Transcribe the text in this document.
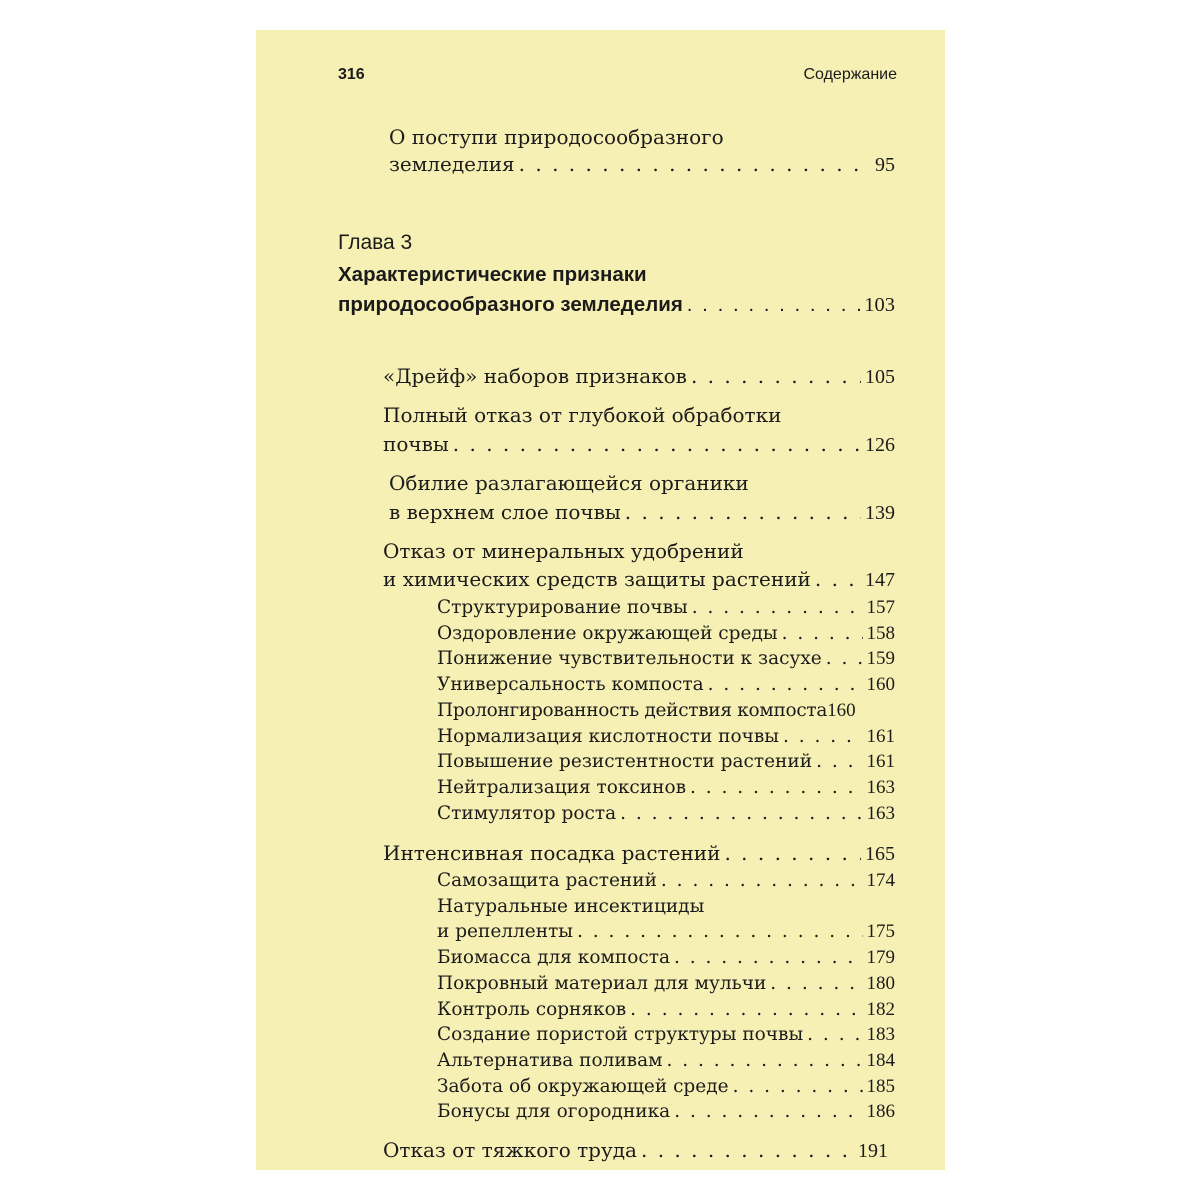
316	Содержание
О поступи природосообразного
земледелия . . .	95
Глава 3
Характеристические признаки
природосообразного земледелия . . .	103
«Дрейф» наборов признаков . . .	105
Полный отказ от глубокой обработки
почвы . . .	126
Обилие разлагающейся органики
в верхнем слое почвы . . .	139
Отказ от минеральных удобрений
и химических средств защиты растений . . .	147
Структурирование почвы . . .	157
Оздоровление окружающей среды . . .	158
Понижение чувствительности к засухе . . . 159
Универсальность компоста . . .	160
Пролонгированность действия компоста 160
Нормализация кислотности почвы . . .	161
Повышение резистентности растений . . .	161
Нейтрализация токсинов . . .	163
Стимулятор роста . . .	163
Интенсивная посадка растений . . .	165
Самозащита растений . . .	174
Натуральные инсектициды
и репелленты . . .	175
Биомасса для компоста . . .	179
Покровный материал для мульчи . . .	180
Контроль сорняков . . .	182
Создание пористой структуры почвы . . .	183
Альтернатива поливам . . .	184
Забота об окружающей среде . . .	185
Бонусы для огородника . . .	186
Отказ от тяжкого труда . . .	191
